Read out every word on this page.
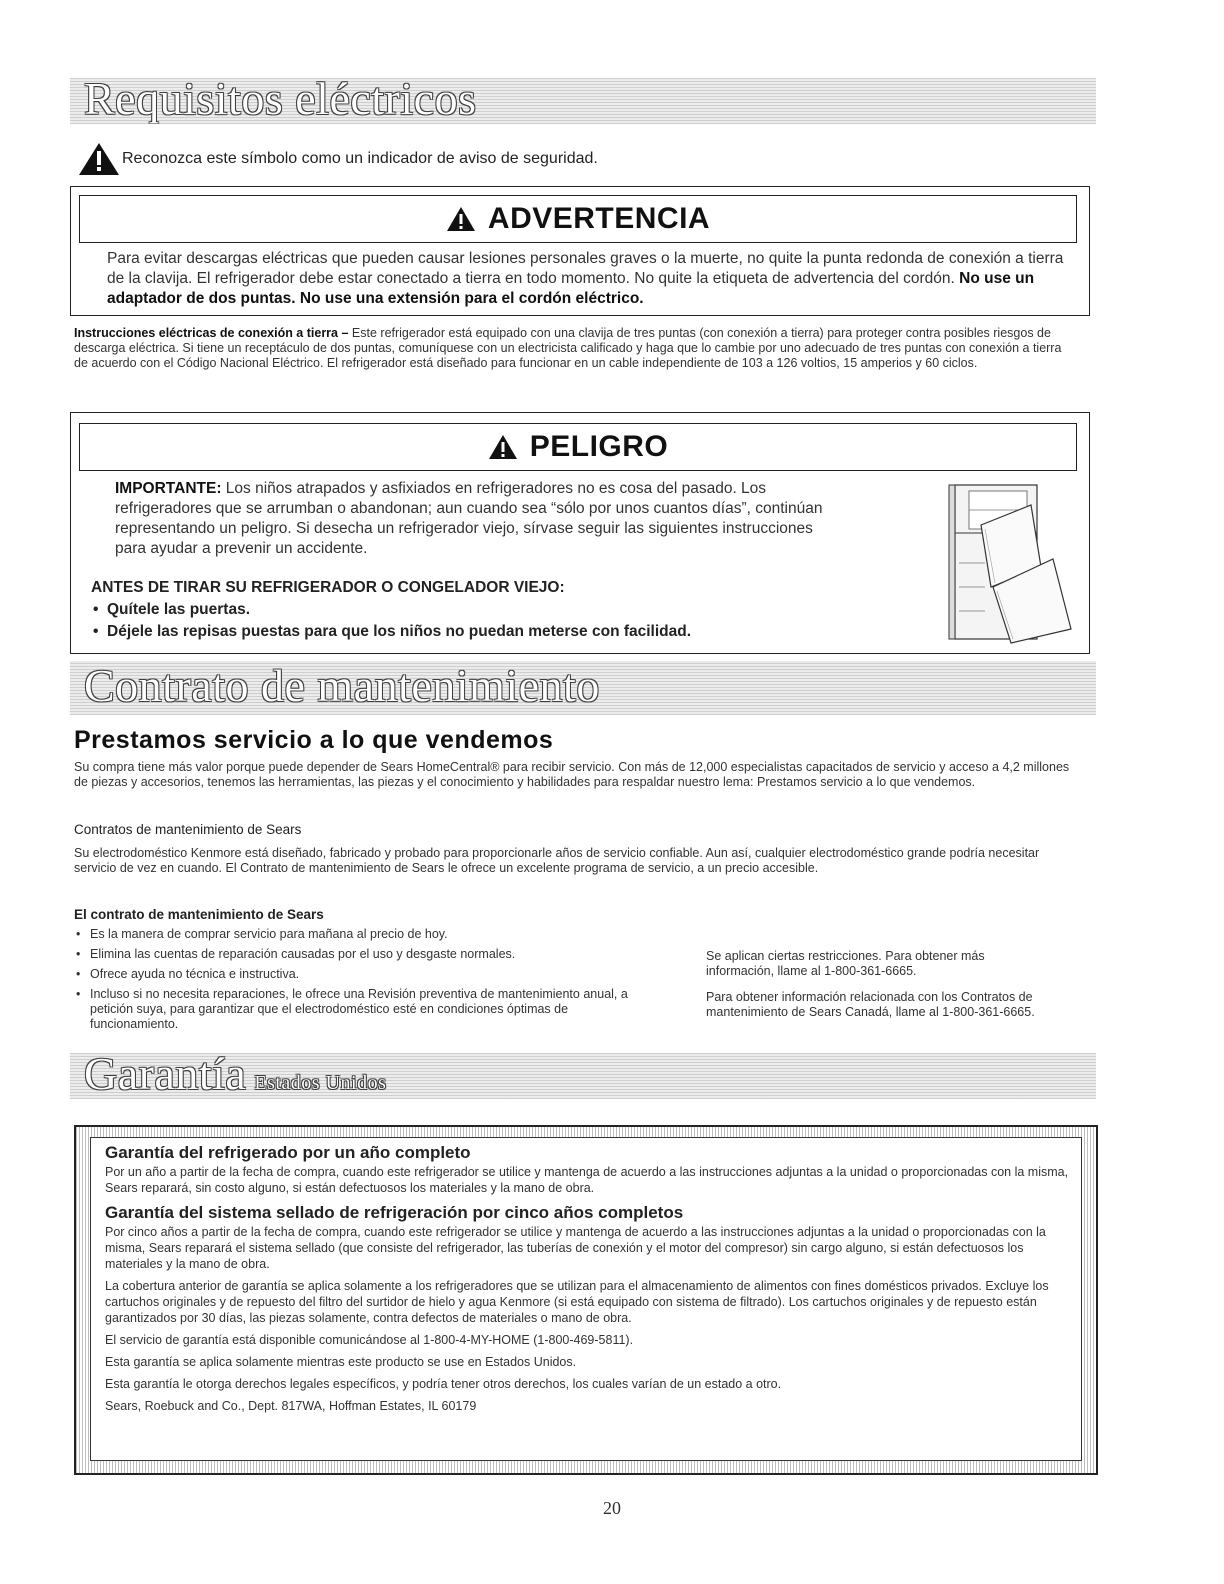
Requisitos eléctricos
Reconozca este símbolo como un indicador de aviso de seguridad.
ADVERTENCIA
Para evitar descargas eléctricas que pueden causar lesiones personales graves o la muerte, no quite la punta redonda de conexión a tierra de la clavija. El refrigerador debe estar conectado a tierra en todo momento. No quite la etiqueta de advertencia del cordón. No use un adaptador de dos puntas. No use una extensión para el cordón eléctrico.
Instrucciones eléctricas de conexión a tierra – Este refrigerador está equipado con una clavija de tres puntas (con conexión a tierra) para proteger contra posibles riesgos de descarga eléctrica. Si tiene un receptáculo de dos puntas, comuníquese con un electricista calificado y haga que lo cambie por uno adecuado de tres puntas con conexión a tierra de acuerdo con el Código Nacional Eléctrico. El refrigerador está diseñado para funcionar en un cable independiente de 103 a 126 voltios, 15 amperios y 60 ciclos.
PELIGRO
IMPORTANTE: Los niños atrapados y asfixiados en refrigeradores no es cosa del pasado. Los refrigeradores que se arrumban o abandonan; aun cuando sea “sólo por unos cuantos días”, continúan representando un peligro. Si desecha un refrigerador viejo, sírvase seguir las siguientes instrucciones para ayudar a prevenir un accidente.
ANTES DE TIRAR SU REFRIGERADOR O CONGELADOR VIEJO:
• Quítele las puertas.
• Déjele las repisas puestas para que los niños no puedan meterse con facilidad.
Contrato de mantenimiento
Prestamos servicio a lo que vendemos
Su compra tiene más valor porque puede depender de Sears HomeCentral® para recibir servicio. Con más de 12,000 especialistas capacitados de servicio y acceso a 4,2 millones de piezas y accesorios, tenemos las herramientas, las piezas y el conocimiento y habilidades para respaldar nuestro lema: Prestamos servicio a lo que vendemos.
Contratos de mantenimiento de Sears
Su electrodoméstico Kenmore está diseñado, fabricado y probado para proporcionarle años de servicio confiable. Aun así, cualquier electrodoméstico grande podría necesitar servicio de vez en cuando. El Contrato de mantenimiento de Sears le ofrece un excelente programa de servicio, a un precio accesible.
El contrato de mantenimiento de Sears
• Es la manera de comprar servicio para mañana al precio de hoy.
• Elimina las cuentas de reparación causadas por el uso y desgaste normales.
• Ofrece ayuda no técnica e instructiva.
• Incluso si no necesita reparaciones, le ofrece una Revisión preventiva de mantenimiento anual, a petición suya, para garantizar que el electrodoméstico esté en condiciones óptimas de funcionamiento.
Se aplican ciertas restricciones. Para obtener más información, llame al 1-800-361-6665.
Para obtener información relacionada con los Contratos de mantenimiento de Sears Canadá, llame al 1-800-361-6665.
Garantía Estados Unidos

Garantía del refrigerado por un año completo

Por un año a partir de la fecha de compra, cuando este refrigerador se utilice y mantenga de acuerdo a las instrucciones adjuntas a la unidad o proporcionadas con la misma, Sears reparará, sin costo alguno, si están defectuosos los materiales y la mano de obra.

Garantía del sistema sellado de refrigeración por cinco años completos

Por cinco años a partir de la fecha de compra, cuando este refrigerador se utilice y mantenga de acuerdo a las instrucciones adjuntas a la unidad o proporcionadas con la misma, Sears reparará el sistema sellado (que consiste del refrigerador, las tuberías de conexión y el motor del compresor) sin cargo alguno, si están defectuosos los materiales y la mano de obra.

La cobertura anterior de garantía se aplica solamente a los refrigeradores que se utilizan para el almacenamiento de alimentos con fines domésticos privados. Excluye los cartuchos originales y de repuesto del filtro del surtidor de hielo y agua Kenmore (si está equipado con sistema de filtrado). Los cartuchos originales y de repuesto están garantizados por 30 días, las piezas solamente, contra defectos de materiales o mano de obra.

El servicio de garantía está disponible comunicándose al 1-800-4-MY-HOME (1-800-469-5811).

Esta garantía se aplica solamente mientras este producto se use en Estados Unidos.

Esta garantía le otorga derechos legales específicos, y podría tener otros derechos, los cuales varían de un estado a otro.

Sears, Roebuck and Co., Dept. 817WA, Hoffman Estates, IL 60179

20
